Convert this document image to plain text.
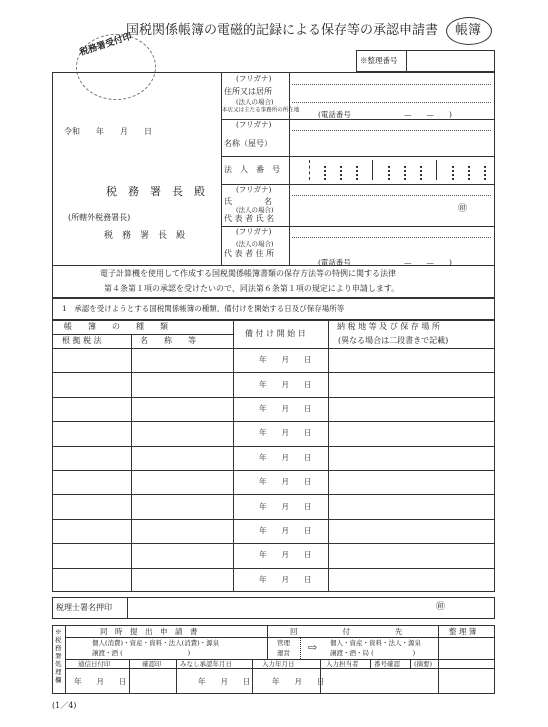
国税関係帳簿の電磁的記録による保存等の承認申請書 帳簿
税務署受付印
※整理番号
令和　　年　　月　　日
税　務　署　長　殿
(所轄外税務署長)
税　務　署　長　殿
(フリガナ)
住所又は居所
(法人の場合)
本店又は主たる事務所の所在地
(電話番号	—　　—　　)
(フリガナ)
名称（屋号）
法　人　番　号
(フリガナ)
氏　　　　名
(法人の場合)
代 表 者 氏 名
㊞
(フリガナ)
(法人の場合)
代 表 者 住 所
(電話番号	—　　—　　)
電子計算機を使用して作成する国税関係帳簿書類の保存方法等の特例に関する法律
第４条第１項の承認を受けたいので、同法第６条第１項の規定により申請します。
1　承認を受けようとする国税関係帳簿の種類、備付けを開始する日及び保存場所等
帳　　簿　　の　　種　　類
根 拠 税 法	名　　称　　等
備 付 け 開 始 日
納 税 地 等 及 び 保 存 場 所
(異なる場合は二段書きで記載)
年　　月　　日
年　　月　　日
年　　月　　日
年　　月　　日
年　　月　　日
年　　月　　日
年　　月　　日
年　　月　　日
年　　月　　日
年　　月　　日
税理士署名押印	㊞
※税務署処理欄
同　時　提　出　申　請　書
個人(消費)・資産・資料・法人(消費)・源泉
譲渡・酒 (　　　　　　　　　　)
回　　　　　　付　　　　　　先
管理
運営 ⇨ 個人・資産・資料・法人・源泉
譲渡・酒・局 (　　　　　　)
整 理 簿
通信日付印	確認印	みなし承認年月日	入力年月日	入力担当者 番号確認 (摘要)
年　　月　　日	年　　月　　日	年　　月　　日
(1／4)
